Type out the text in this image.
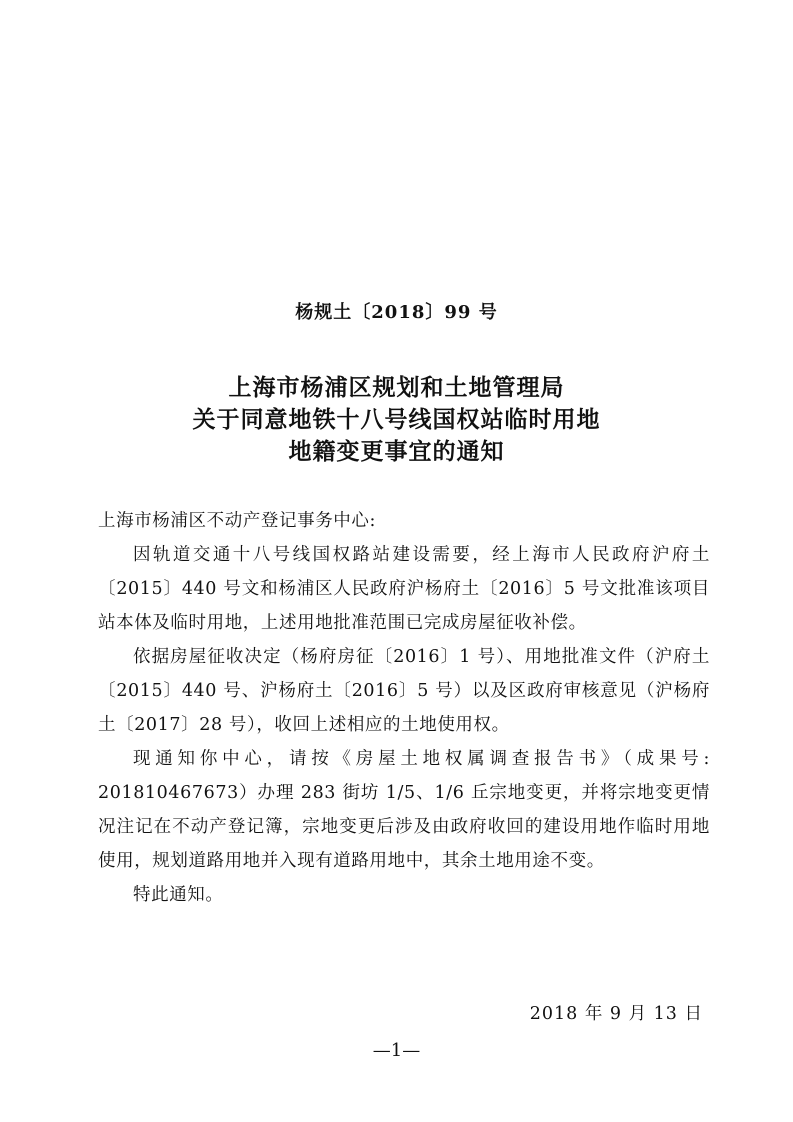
杨规土〔2018〕99 号
上海市杨浦区规划和土地管理局
关于同意地铁十八号线国权站临时用地
地籍变更事宜的通知

上海市杨浦区不动产登记事务中心:

因轨道交通十八号线国权路站建设需要，经上海市人民政府沪府土〔2015〕440 号文和杨浦区人民政府沪杨府土〔2016〕5 号文批准该项目站本体及临时用地，上述用地批准范围已完成房屋征收补偿。

依据房屋征收决定（杨府房征〔2016〕1 号）、用地批准文件（沪府土〔2015〕440 号、沪杨府土〔2016〕5 号）以及区政府审核意见（沪杨府土〔2017〕28 号），收回上述相应的土地使用权。

现通知你中心，请按《房屋土地权属调查报告书》（成果号: 201810467673）办理 283 街坊 1/5、1/6 丘宗地变更，并将宗地变更情况注记在不动产登记簿，宗地变更后涉及由政府收回的建设用地作临时用地使用，规划道路用地并入现有道路用地中，其余土地用途不变。

特此通知。

2018 年 9 月 13 日
—1—
